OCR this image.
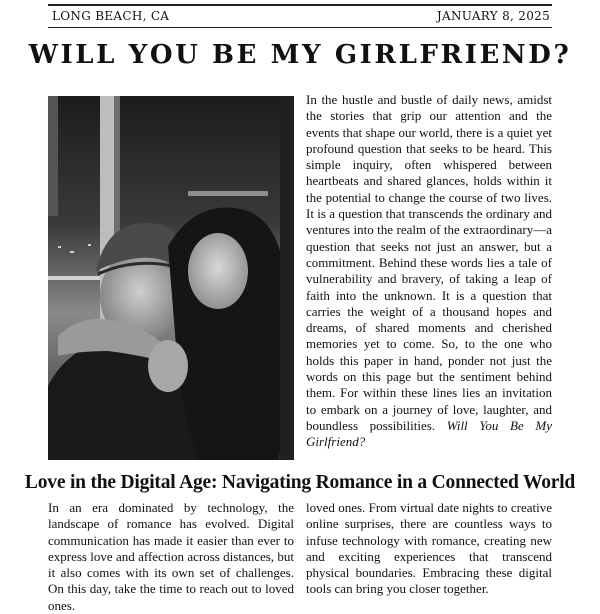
LONG BEACH, CA	JANUARY 8, 2025
WILL YOU BE MY GIRLFRIEND?

In the hustle and bustle of daily news, amidst the stories that grip our attention and the events that shape our world, there is a quiet yet profound question that seeks to be heard. This simple inquiry, often whispered between heartbeats and shared glances, holds within it the potential to change the course of two lives. It is a question that transcends the ordinary and ventures into the realm of the extraordinary—a question that seeks not just an answer, but a commitment. Behind these words lies a tale of vulnerability and bravery, of taking a leap of faith into the unknown. It is a question that carries the weight of a thousand hopes and dreams, of shared moments and cherished memories yet to come. So, to the one who holds this paper in hand, ponder not just the words on this page but the sentiment behind them. For within these lines lies an invitation to embark on a journey of love, laughter, and boundless possibilities. Will You Be My Girlfriend?

Love in the Digital Age: Navigating Romance in a Connected World

In an era dominated by technology, the landscape of romance has evolved. Digital communication has made it easier than ever to express love and affection across distances, but it also comes with its own set of challenges. On this day, take the time to reach out to loved ones.

loved ones. From virtual date nights to creative online surprises, there are countless ways to infuse technology with romance, creating new and exciting experiences that transcend physical boundaries. Embracing these digital tools can bring you closer together.
